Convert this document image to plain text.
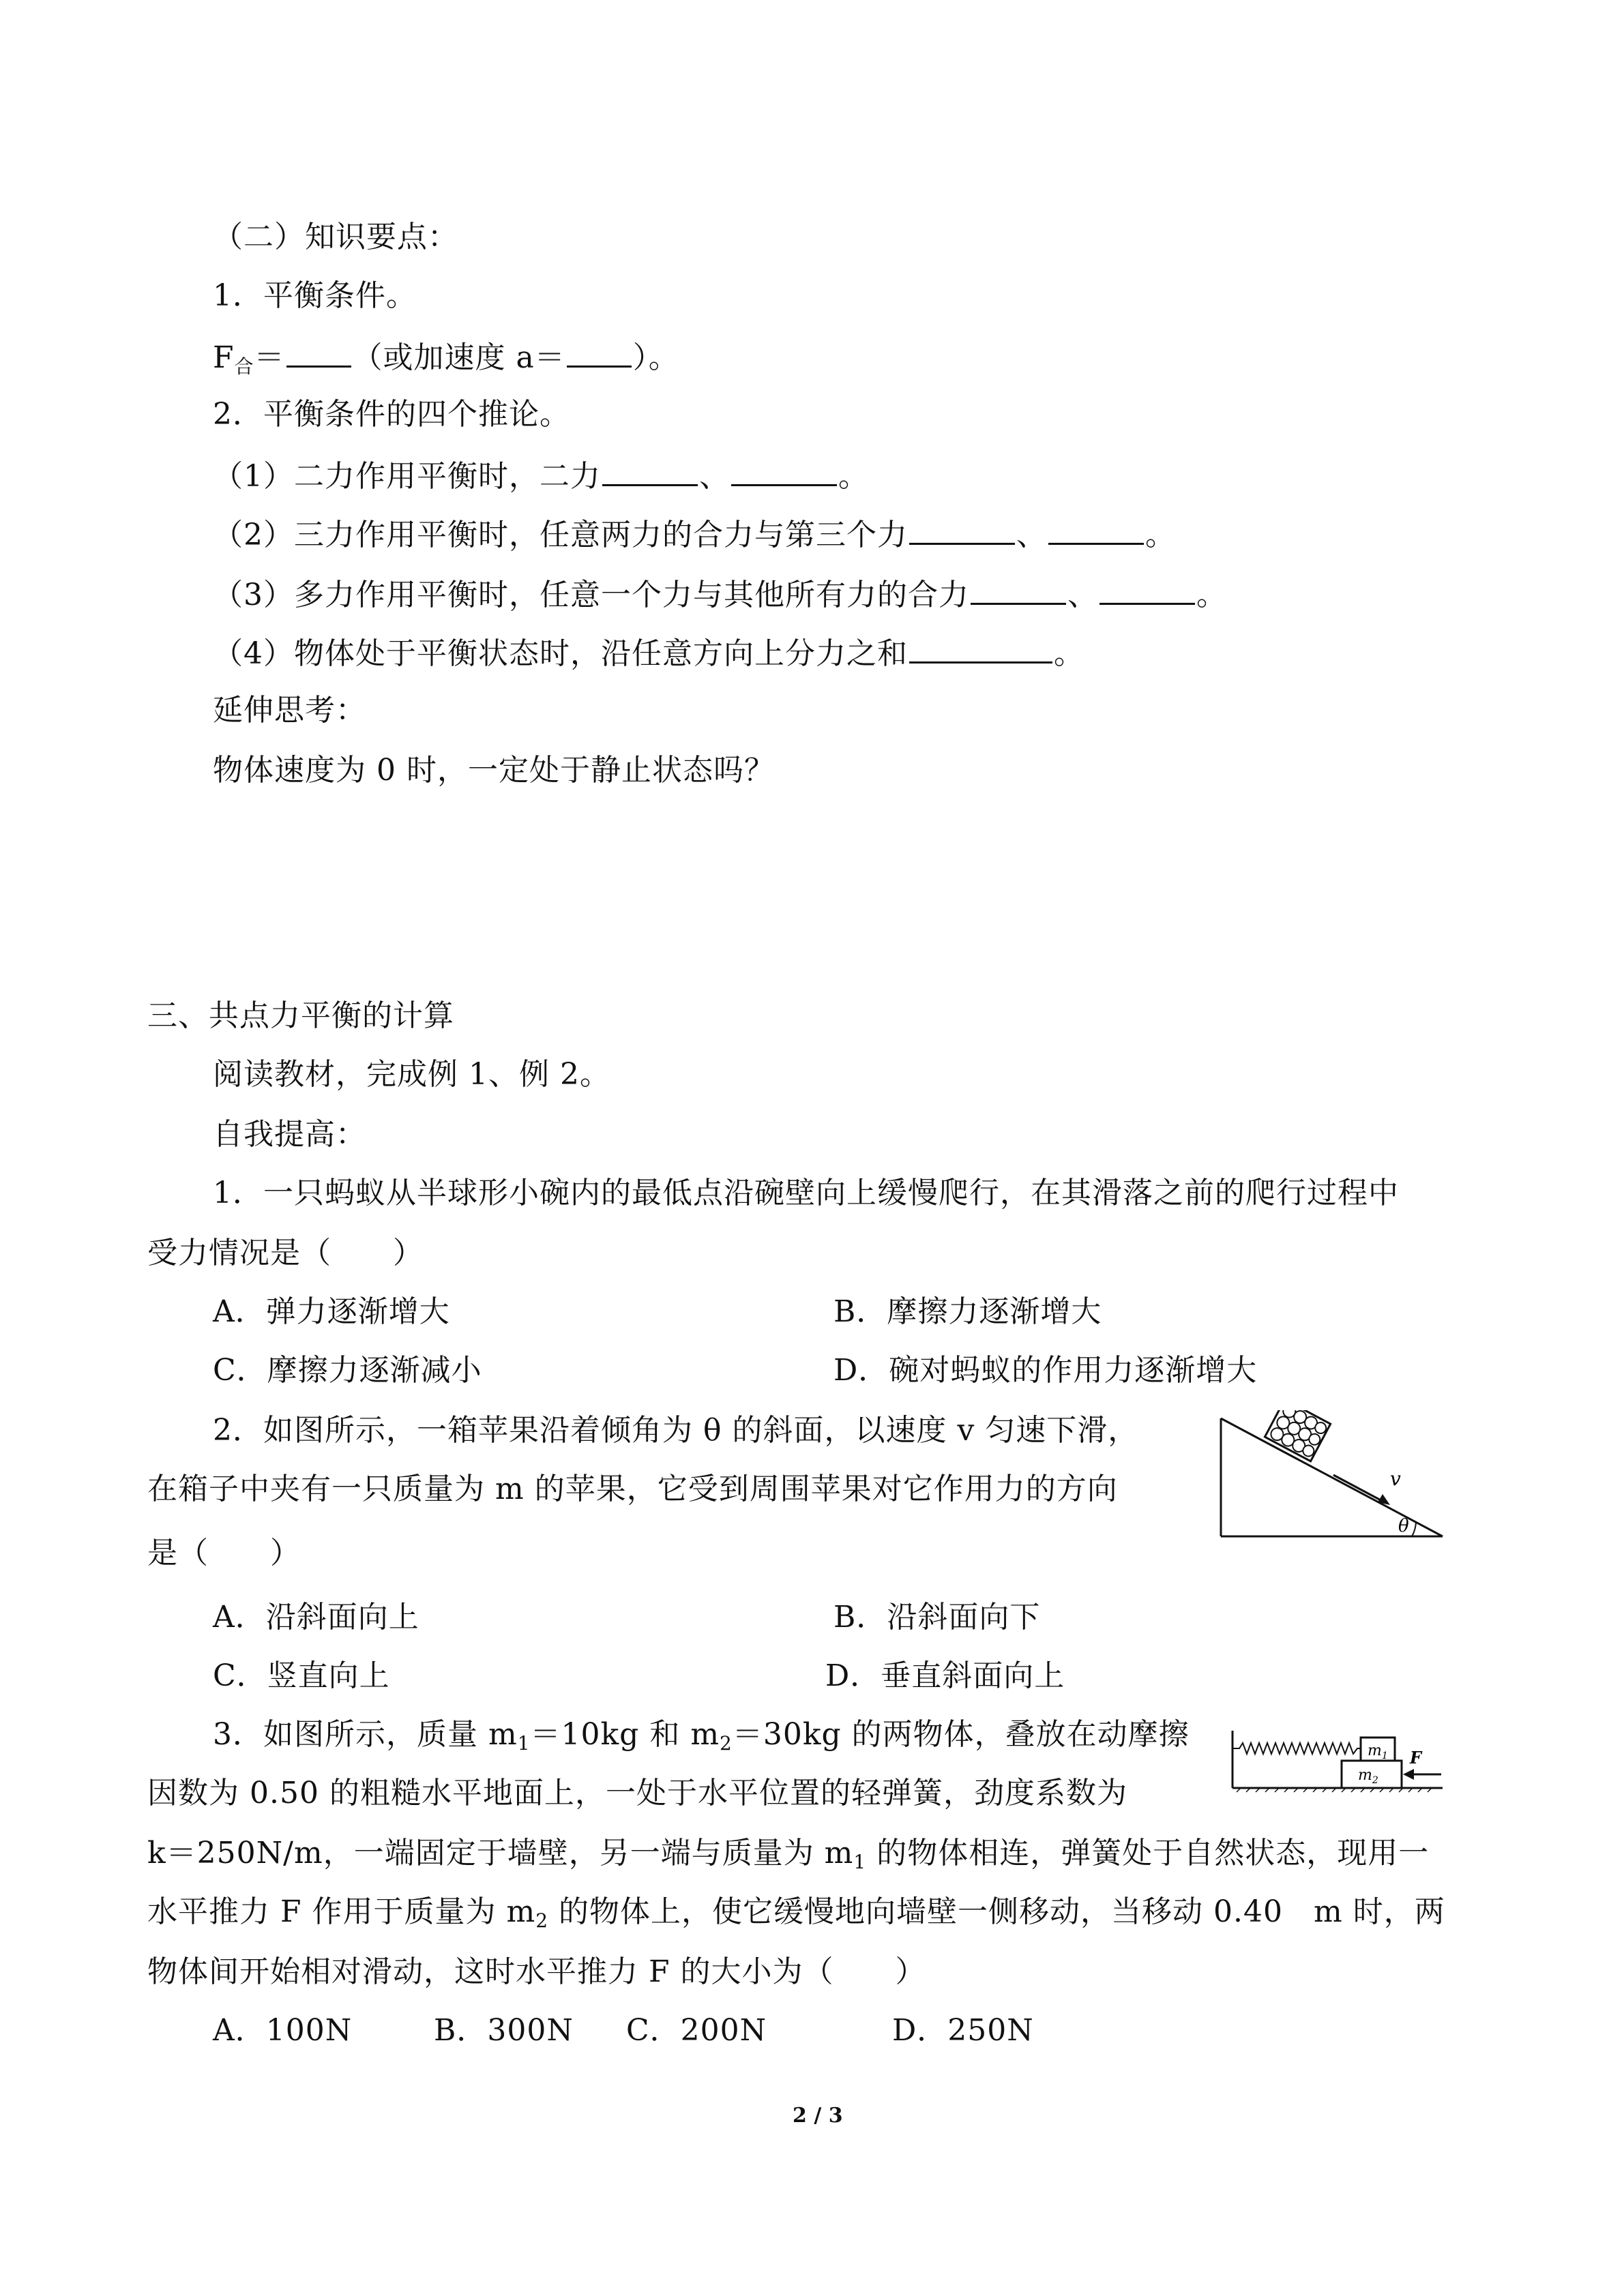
（二）知识要点：
1．平衡条件。
$F_合=$ （或加速度 a＝ ）。
2．平衡条件的四个推论。
（1）二力作用平衡时，二力	、	。
（2）三力作用平衡时，任意两力的合力与第三个力	、	。
（3）多力作用平衡时，任意一个力与其他所有力的合力	、	。
（4）物体处于平衡状态时，沿任意方向上分力之和	。
延伸思考：
物体速度为 0 时，一定处于静止状态吗？
三、共点力平衡的计算
阅读教材，完成例 1、例 2。
自我提高：
1．一只蚂蚁从半球形小碗内的最低点沿碗壁向上缓慢爬行，在其滑落之前的爬行过程中
受力情况是（　　）
A．弹力逐渐增大	B．摩擦力逐渐增大
C．摩擦力逐渐减小	D．碗对蚂蚁的作用力逐渐增大
2．如图所示，一箱苹果沿着倾角为 θ 的斜面，以速度 v 匀速下滑，
在箱子中夹有一只质量为 m 的苹果，它受到周围苹果对它作用力的方向
是（　　）
A．沿斜面向上	B．沿斜面向下
C．竖直向上	D．垂直斜面向上
v
θ
3．如图所示，质量 $m_1=10kg$ 和 $m_2=30kg$ 的两物体，叠放在动摩擦
因数为 0.50 的粗糙水平地面上，一处于水平位置的轻弹簧，劲度系数为
k＝250N/m，一端固定于墙壁，另一端与质量为 $m_1$ 的物体相连，弹簧处于自然状态，现用一
水平推力 F 作用于质量为 $m_2$ 的物体上，使它缓慢地向墙壁一侧移动，当移动 0.40　m 时，两
物体间开始相对滑动，这时水平推力 F 的大小为（　　）
A．100N	B．300N C．200N	D．250N
$m_1$
$m_2$
F
2 / 3
